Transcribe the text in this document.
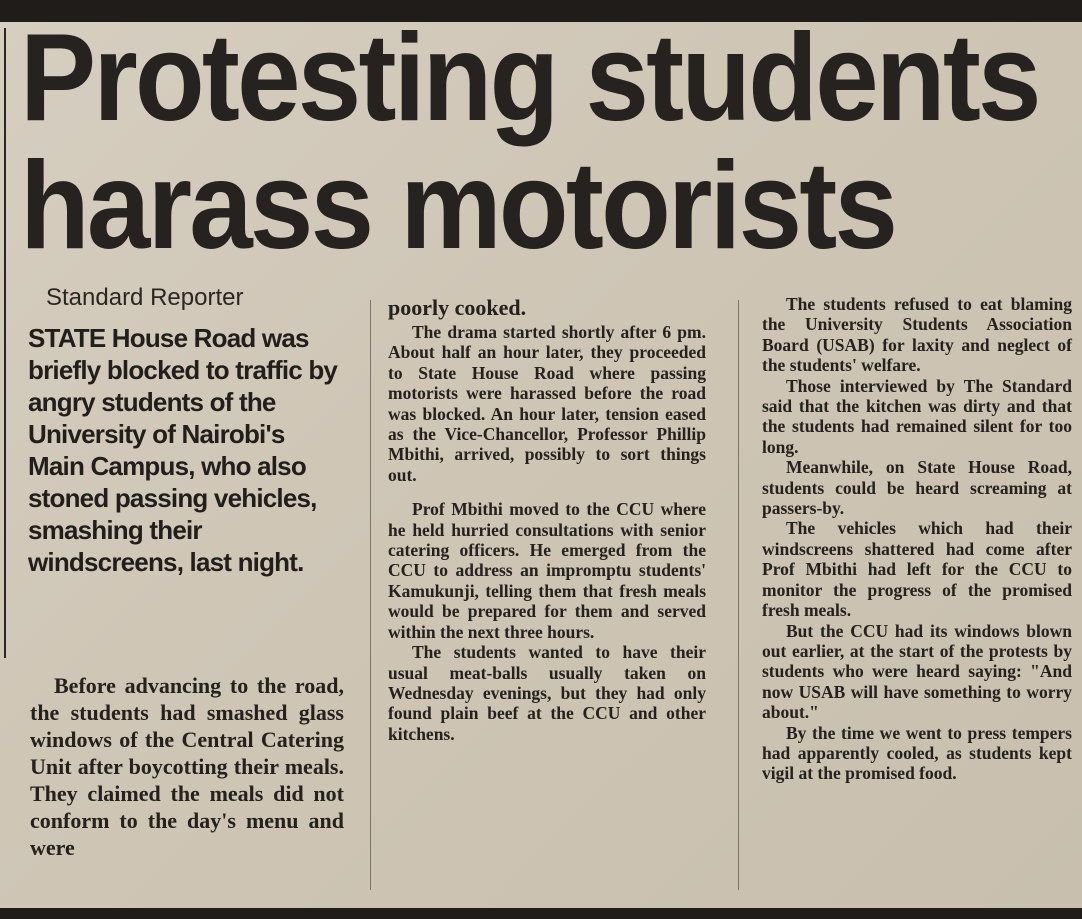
Protesting students
harass motorists
Standard Reporter

STATE House Road was briefly blocked to traffic by angry students of the University of Nairobi's Main Campus, who also stoned passing vehicles, smashing their windscreens, last night.

Before advancing to the road, the students had smashed glass windows of the Central Catering Unit after boycotting their meals. They claimed the meals did not conform to the day's menu and were

poorly cooked.

The drama started shortly after 6 pm. About half an hour later, they proceeded to State House Road where passing motorists were harassed before the road was blocked. An hour later, tension eased as the Vice-Chancellor, Professor Phillip Mbithi, arrived, possibly to sort things out.

Prof Mbithi moved to the CCU where he held hurried consultations with senior catering officers. He emerged from the CCU to address an impromptu students' Kamukunji, telling them that fresh meals would be prepared for them and served within the next three hours.

The students wanted to have their usual meat-balls usually taken on Wednesday evenings, but they had only found plain beef at the CCU and other kitchens.

The students refused to eat blaming the University Students Association Board (USAB) for laxity and neglect of the students' welfare.

Those interviewed by The Standard said that the kitchen was dirty and that the students had remained silent for too long.

Meanwhile, on State House Road, students could be heard screaming at passers-by.

The vehicles which had their windscreens shattered had come after Prof Mbithi had left for the CCU to monitor the progress of the promised fresh meals.

But the CCU had its windows blown out earlier, at the start of the protests by students who were heard saying: "And now USAB will have something to worry about."

By the time we went to press tempers had apparently cooled, as students kept vigil at the promised food.
